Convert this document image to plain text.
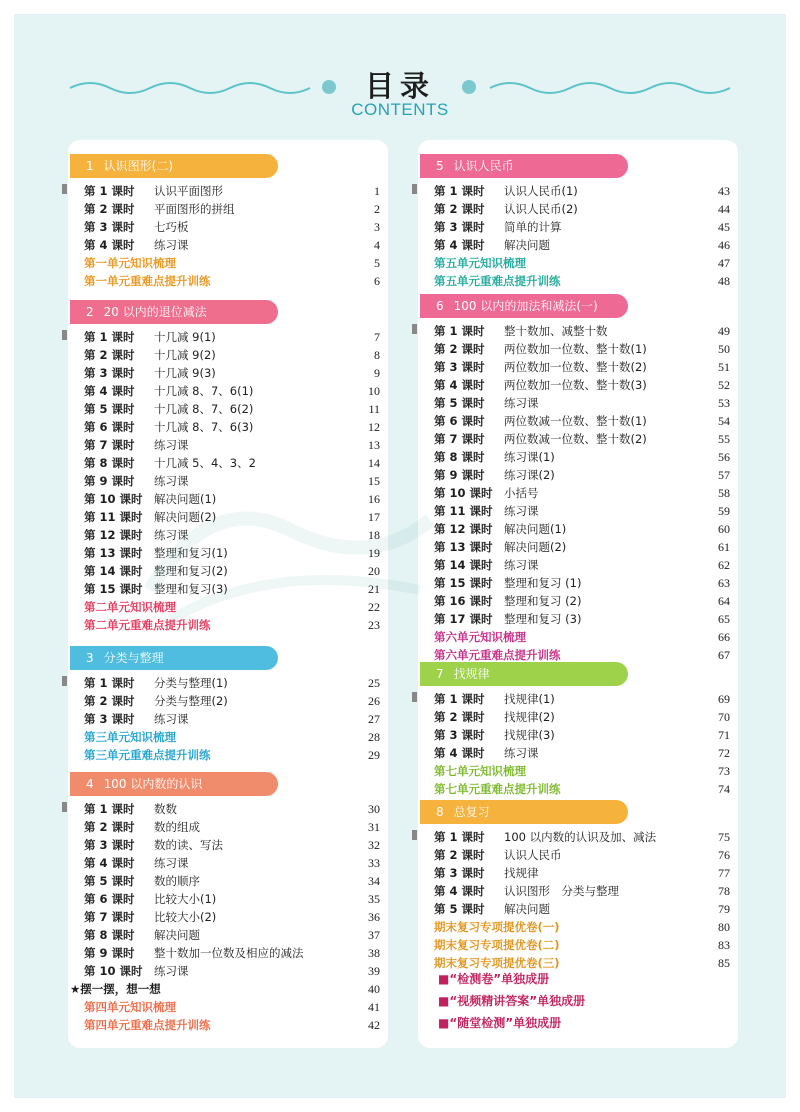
目录
CONTENTS
1 认识图形(二)
第 1 课时	认识平面图形	1
第 2 课时	平面图形的拼组	2
第 3 课时	七巧板	3
第 4 课时	练习课	4
第一单元知识梳理	5
第一单元重难点提升训练	6
2 20 以内的退位减法
第 1 课时	十几减 9(1)	7
第 2 课时	十几减 9(2)	8
第 3 课时	十几减 9(3)	9
第 4 课时	十几减 8、7、6(1)	10
第 5 课时	十几减 8、7、6(2)	11
第 6 课时	十几减 8、7、6(3)	12
第 7 课时	练习课	13
第 8 课时	十几减 5、4、3、2	14
第 9 课时	练习课	15
第 10 课时 解决问题(1)	16
第 11 课时 解决问题(2)	17
第 12 课时 练习课	18
第 13 课时 整理和复习(1)	19
第 14 课时 整理和复习(2)	20
第 15 课时 整理和复习(3)	21
第二单元知识梳理	22
第二单元重难点提升训练	23
3 分类与整理
第 1 课时	分类与整理(1)	25
第 2 课时	分类与整理(2)	26
第 3 课时	练习课	27
第三单元知识梳理	28
第三单元重难点提升训练	29
4 100 以内数的认识
第 1 课时	数数	30
第 2 课时	数的组成	31
第 3 课时	数的读、写法	32
第 4 课时	练习课	33
第 5 课时	数的顺序	34
第 6 课时	比较大小(1)	35
第 7 课时	比较大小(2)	36
第 8 课时	解决问题	37
第 9 课时	整十数加一位数及相应的减法	38
第 10 课时 练习课	39
★摆一摆，想一想	40
第四单元知识梳理	41
第四单元重难点提升训练	42
5 认识人民币
第 1 课时	认识人民币(1)	43
第 2 课时	认识人民币(2)	44
第 3 课时	简单的计算	45
第 4 课时	解决问题	46
第五单元知识梳理	47
第五单元重难点提升训练	48
6 100 以内的加法和减法(一)
第 1 课时	整十数加、减整十数	49
第 2 课时	两位数加一位数、整十数(1)	50
第 3 课时	两位数加一位数、整十数(2)	51
第 4 课时	两位数加一位数、整十数(3)	52
第 5 课时	练习课	53
第 6 课时	两位数减一位数、整十数(1)	54
第 7 课时	两位数减一位数、整十数(2)	55
第 8 课时	练习课(1)	56
第 9 课时	练习课(2)	57
第 10 课时 小括号	58
第 11 课时 练习课	59
第 12 课时 解决问题(1)	60
第 13 课时 解决问题(2)	61
第 14 课时 练习课	62
第 15 课时 整理和复习 (1)	63
第 16 课时 整理和复习 (2)	64
第 17 课时 整理和复习 (3)	65
第六单元知识梳理	66
第六单元重难点提升训练	67
7 找规律
第 1 课时	找规律(1)	69
第 2 课时	找规律(2)	70
第 3 课时	找规律(3)	71
第 4 课时	练习课	72
第七单元知识梳理	73
第七单元重难点提升训练	74
8 总复习
第 1 课时	100 以内数的认识及加、减法	75
第 2 课时	认识人民币	76
第 3 课时	找规律	77
第 4 课时	认识图形　分类与整理	78
第 5 课时	解决问题	79
期末复习专项提优卷(一)	80
期末复习专项提优卷(二)	83
期末复习专项提优卷(三)	85
■“检测卷”单独成册
■“视频精讲答案”单独成册
■“随堂检测”单独成册
